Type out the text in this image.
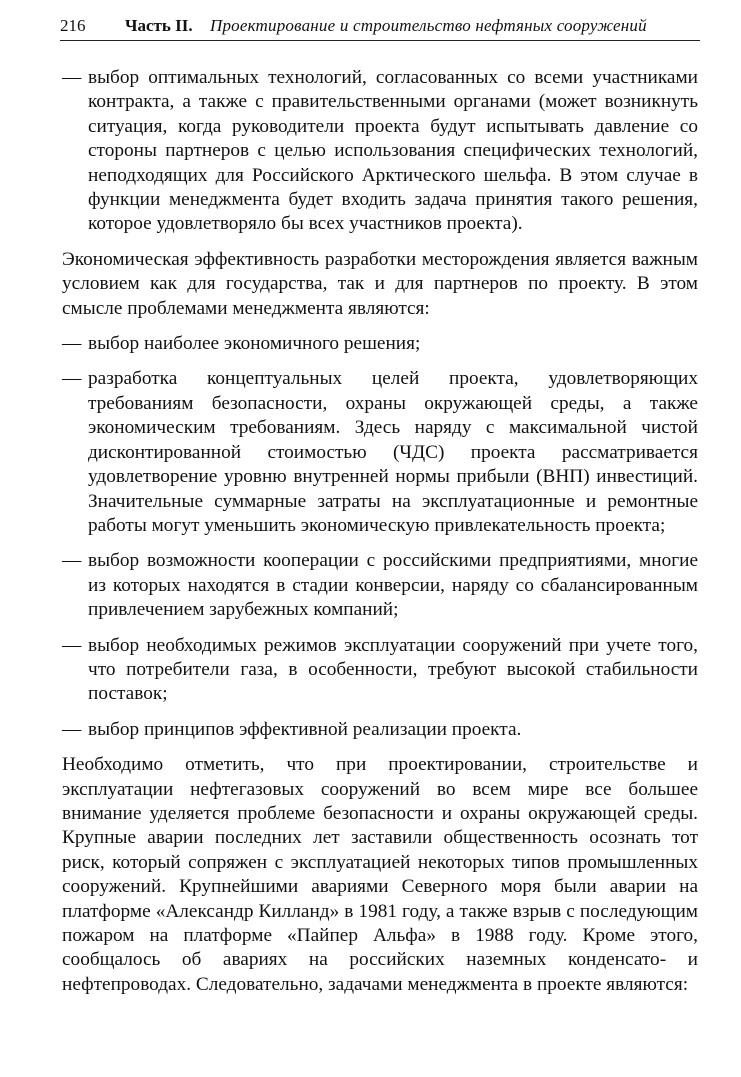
216 Часть II. Проектирование и строительство нефтяных сооружений
— выбор оптимальных технологий, согласованных со всеми участниками контракта, а также с правительственными органами (может возникнуть ситуация, когда руководители проекта будут испытывать давление со стороны партнеров с целью использования специфических технологий, неподходящих для Российского Арктического шельфа. В этом случае в функции менеджмента будет входить задача принятия такого решения, которое удовлетворяло бы всех участников проекта).

Экономическая эффективность разработки месторождения является важным условием как для государства, так и для партнеров по проекту. В этом смысле проблемами менеджмента являются:

— выбор наиболее экономичного решения;
— разработка концептуальных целей проекта, удовлетворяющих требованиям безопасности, охраны окружающей среды, а также экономическим требованиям. Здесь наряду с максимальной чистой дисконтированной стоимостью (ЧДС) проекта рассматривается удовлетворение уровню внутренней нормы прибыли (ВНП) инвестиций. Значительные суммарные затраты на эксплуатационные и ремонтные работы могут уменьшить экономическую привлекательность проекта;
— выбор возможности кооперации с российскими предприятиями, многие из которых находятся в стадии конверсии, наряду со сбалансированным привлечением зарубежных компаний;
— выбор необходимых режимов эксплуатации сооружений при учете того, что потребители газа, в особенности, требуют высокой стабильности поставок;
— выбор принципов эффективной реализации проекта.

Необходимо отметить, что при проектировании, строительстве и эксплуатации нефтегазовых сооружений во всем мире все большее внимание уделяется проблеме безопасности и охраны окружающей среды. Крупные аварии последних лет заставили общественность осознать тот риск, который сопряжен с эксплуатацией некоторых типов промышленных сооружений. Крупнейшими авариями Северного моря были аварии на платформе «Александр Килланд» в 1981 году, а также взрыв с последующим пожаром на платформе «Пайпер Альфа» в 1988 году. Кроме этого, сообщалось об авариях на российских наземных конденсато- и нефтепроводах. Следовательно, задачами менеджмента в проекте являются:
